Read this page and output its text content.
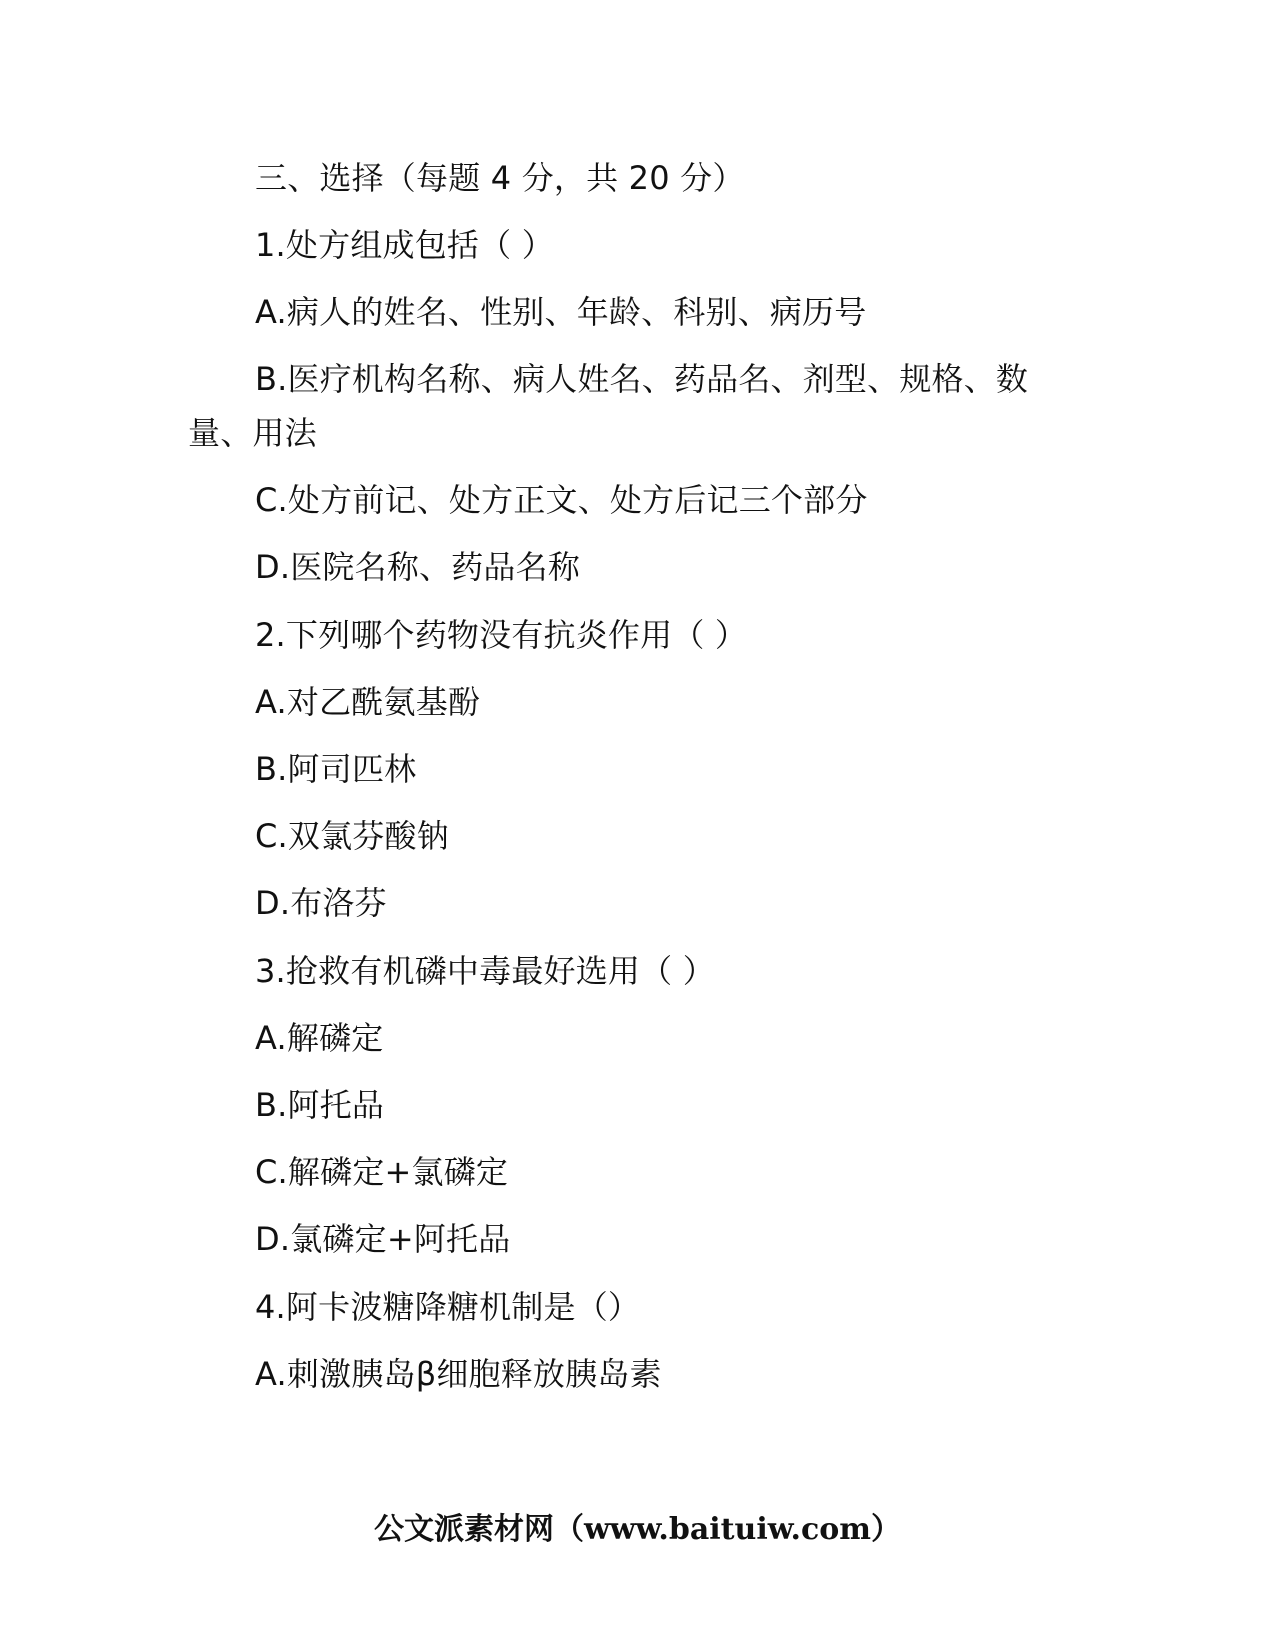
三、选择（每题 4 分，共 20 分）
1.处方组成包括（ ）
A.病人的姓名、性别、年龄、科别、病历号
B.医疗机构名称、病人姓名、药品名、剂型、规格、数
量、用法
C.处方前记、处方正文、处方后记三个部分
D.医院名称、药品名称
2.下列哪个药物没有抗炎作用（ ）
A.对乙酰氨基酚
B.阿司匹林
C.双氯芬酸钠
D.布洛芬
3.抢救有机磷中毒最好选用（ ）
A.解磷定
B.阿托品
C.解磷定+氯磷定
D.氯磷定+阿托品
4.阿卡波糖降糖机制是（）
A.刺激胰岛β细胞释放胰岛素
公文派素材网（www.baituiw.com）
